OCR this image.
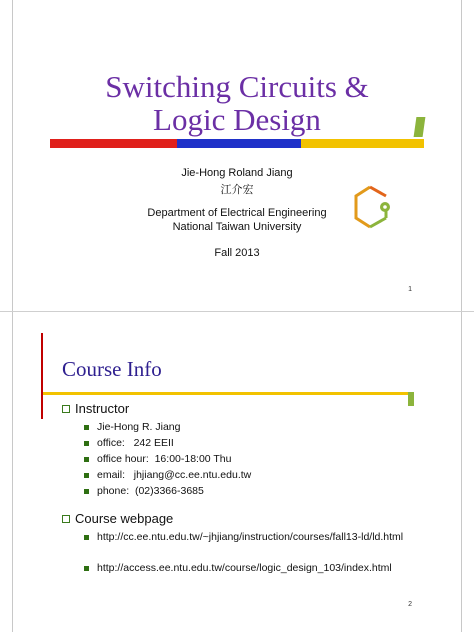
Switching Circuits &
Logic Design
Jie-Hong Roland Jiang
江介宏
Department of Electrical Engineering
National Taiwan University
Fall 2013
1
Course Info
Instructor
Jie-Hong R. Jiang
office:   242 EEII
office hour:  16:00-18:00 Thu
email:   jhjiang@cc.ee.ntu.edu.tw
phone:  (02)3366-3685
Course webpage
http://cc.ee.ntu.edu.tw/~jhjiang/instruction/courses/fall13-ld/ld.html
http://access.ee.ntu.edu.tw/course/logic_design_103/index.html
2
